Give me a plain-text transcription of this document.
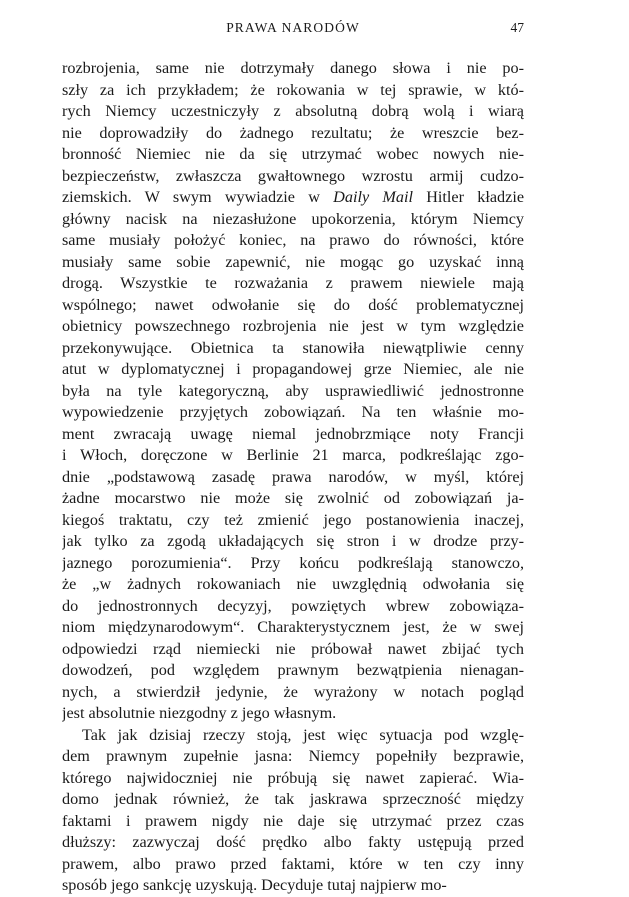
PRAWA NARODÓW	47
rozbrojenia, same nie dotrzymały danego słowa i nie po-
szły za ich przykładem; że rokowania w tej sprawie, w któ-
rych Niemcy uczestniczyły z absolutną dobrą wolą i wiarą
nie doprowadziły do żadnego rezultatu; że wreszcie bez-
bronność Niemiec nie da się utrzymać wobec nowych nie-
bezpieczeństw, zwłaszcza gwałtownego wzrostu armij cudzo-
ziemskich. W swym wywiadzie w Daily Mail Hitler kładzie
główny nacisk na niezasłużone upokorzenia, którym Niemcy
same musiały położyć koniec, na prawo do równości, które
musiały same sobie zapewnić, nie mogąc go uzyskać inną
drogą. Wszystkie te rozważania z prawem niewiele mają
wspólnego; nawet odwołanie się do dość problematycznej
obietnicy powszechnego rozbrojenia nie jest w tym względzie
przekonywujące. Obietnica ta stanowiła niewątpliwie cenny
atut w dyplomatycznej i propagandowej grze Niemiec, ale nie
była na tyle kategoryczną, aby usprawiedliwić jednostronne
wypowiedzenie przyjętych zobowiązań. Na ten właśnie mo-
ment zwracają uwagę niemal jednobrzmiące noty Francji
i Włoch, doręczone w Berlinie 21 marca, podkreślając zgo-
dnie „podstawową zasadę prawa narodów, w myśl, której
żadne mocarstwo nie może się zwolnić od zobowiązań ja-
kiegoś traktatu, czy też zmienić jego postanowienia inaczej,
jak tylko za zgodą układających się stron i w drodze przy-
jaznego porozumienia“. Przy końcu podkreślają stanowczo,
że „w żadnych rokowaniach nie uwzględnią odwołania się
do jednostronnych decyzyj, powziętych wbrew zobowiąza-
niom międzynarodowym“. Charakterystycznem jest, że w swej
odpowiedzi rząd niemiecki nie próbował nawet zbijać tych
dowodzeń, pod względem prawnym bezwątpienia nienagan-
nych, a stwierdził jedynie, że wyrażony w notach pogląd
jest absolutnie niezgodny z jego własnym.
Tak jak dzisiaj rzeczy stoją, jest więc sytuacja pod wzglę-
dem prawnym zupełnie jasna: Niemcy popełniły bezprawie,
którego najwidoczniej nie próbują się nawet zapierać. Wia-
domo jednak również, że tak jaskrawa sprzeczność między
faktami i prawem nigdy nie daje się utrzymać przez czas
dłuższy: zazwyczaj dość prędko albo fakty ustępują przed
prawem, albo prawo przed faktami, które w ten czy inny
sposób jego sankcję uzyskują. Decyduje tutaj najpierw mo-
